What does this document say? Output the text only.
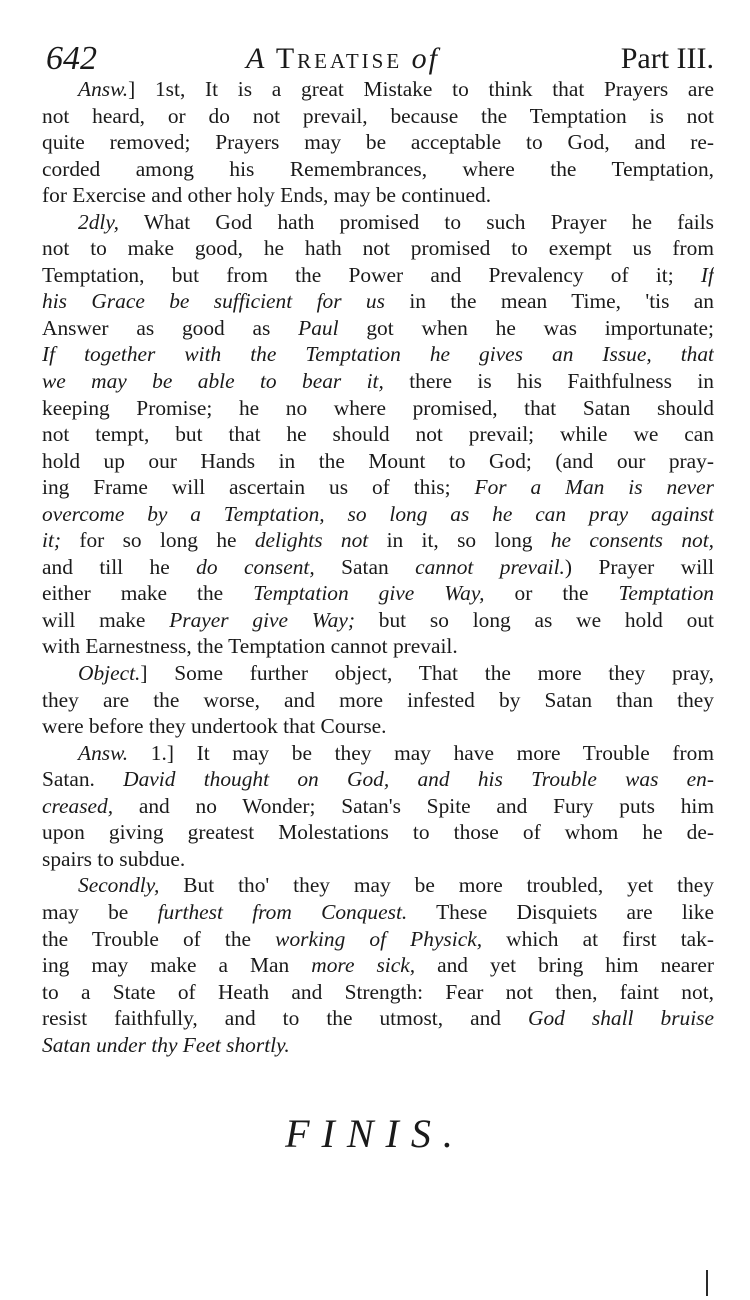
642	A Treatise of	Part III.
Answ.] 1st, It is a great Mistake to think that Prayers are
not heard, or do not prevail, because the Temptation is not
quite removed; Prayers may be acceptable to God, and re-
corded among his Remembrances, where the Temptation,
for Exercise and other holy Ends, may be continued.
2dly, What God hath promised to such Prayer he fails
not to make good, he hath not promised to exempt us from
Temptation, but from the Power and Prevalency of it; If
his Grace be sufficient for us in the mean Time, 'tis an
Answer as good as Paul got when he was importunate;
If together with the Temptation he gives an Issue, that
we may be able to bear it, there is his Faithfulness in
keeping Promise; he no where promised, that Satan should
not tempt, but that he should not prevail; while we can
hold up our Hands in the Mount to God; (and our pray-
ing Frame will ascertain us of this; For a Man is never
overcome by a Temptation, so long as he can pray against
it; for so long he delights not in it, so long he consents not,
and till he do consent, Satan cannot prevail.) Prayer will
either make the Temptation give Way, or the Temptation
will make Prayer give Way; but so long as we hold out
with Earnestness, the Temptation cannot prevail.
Object.] Some further object, That the more they pray,
they are the worse, and more infested by Satan than they
were before they undertook that Course.
Answ. 1.] It may be they may have more Trouble from
Satan. David thought on God, and his Trouble was en-
creased, and no Wonder; Satan's Spite and Fury puts him
upon giving greatest Molestations to those of whom he de-
spairs to subdue.
Secondly, But tho' they may be more troubled, yet they
may be furthest from Conquest. These Disquiets are like
the Trouble of the working of Physick, which at first tak-
ing may make a Man more sick, and yet bring him nearer
to a State of Heath and Strength: Fear not then, faint not,
resist faithfully, and to the utmost, and God shall bruise
Satan under thy Feet shortly.
FINIS.
